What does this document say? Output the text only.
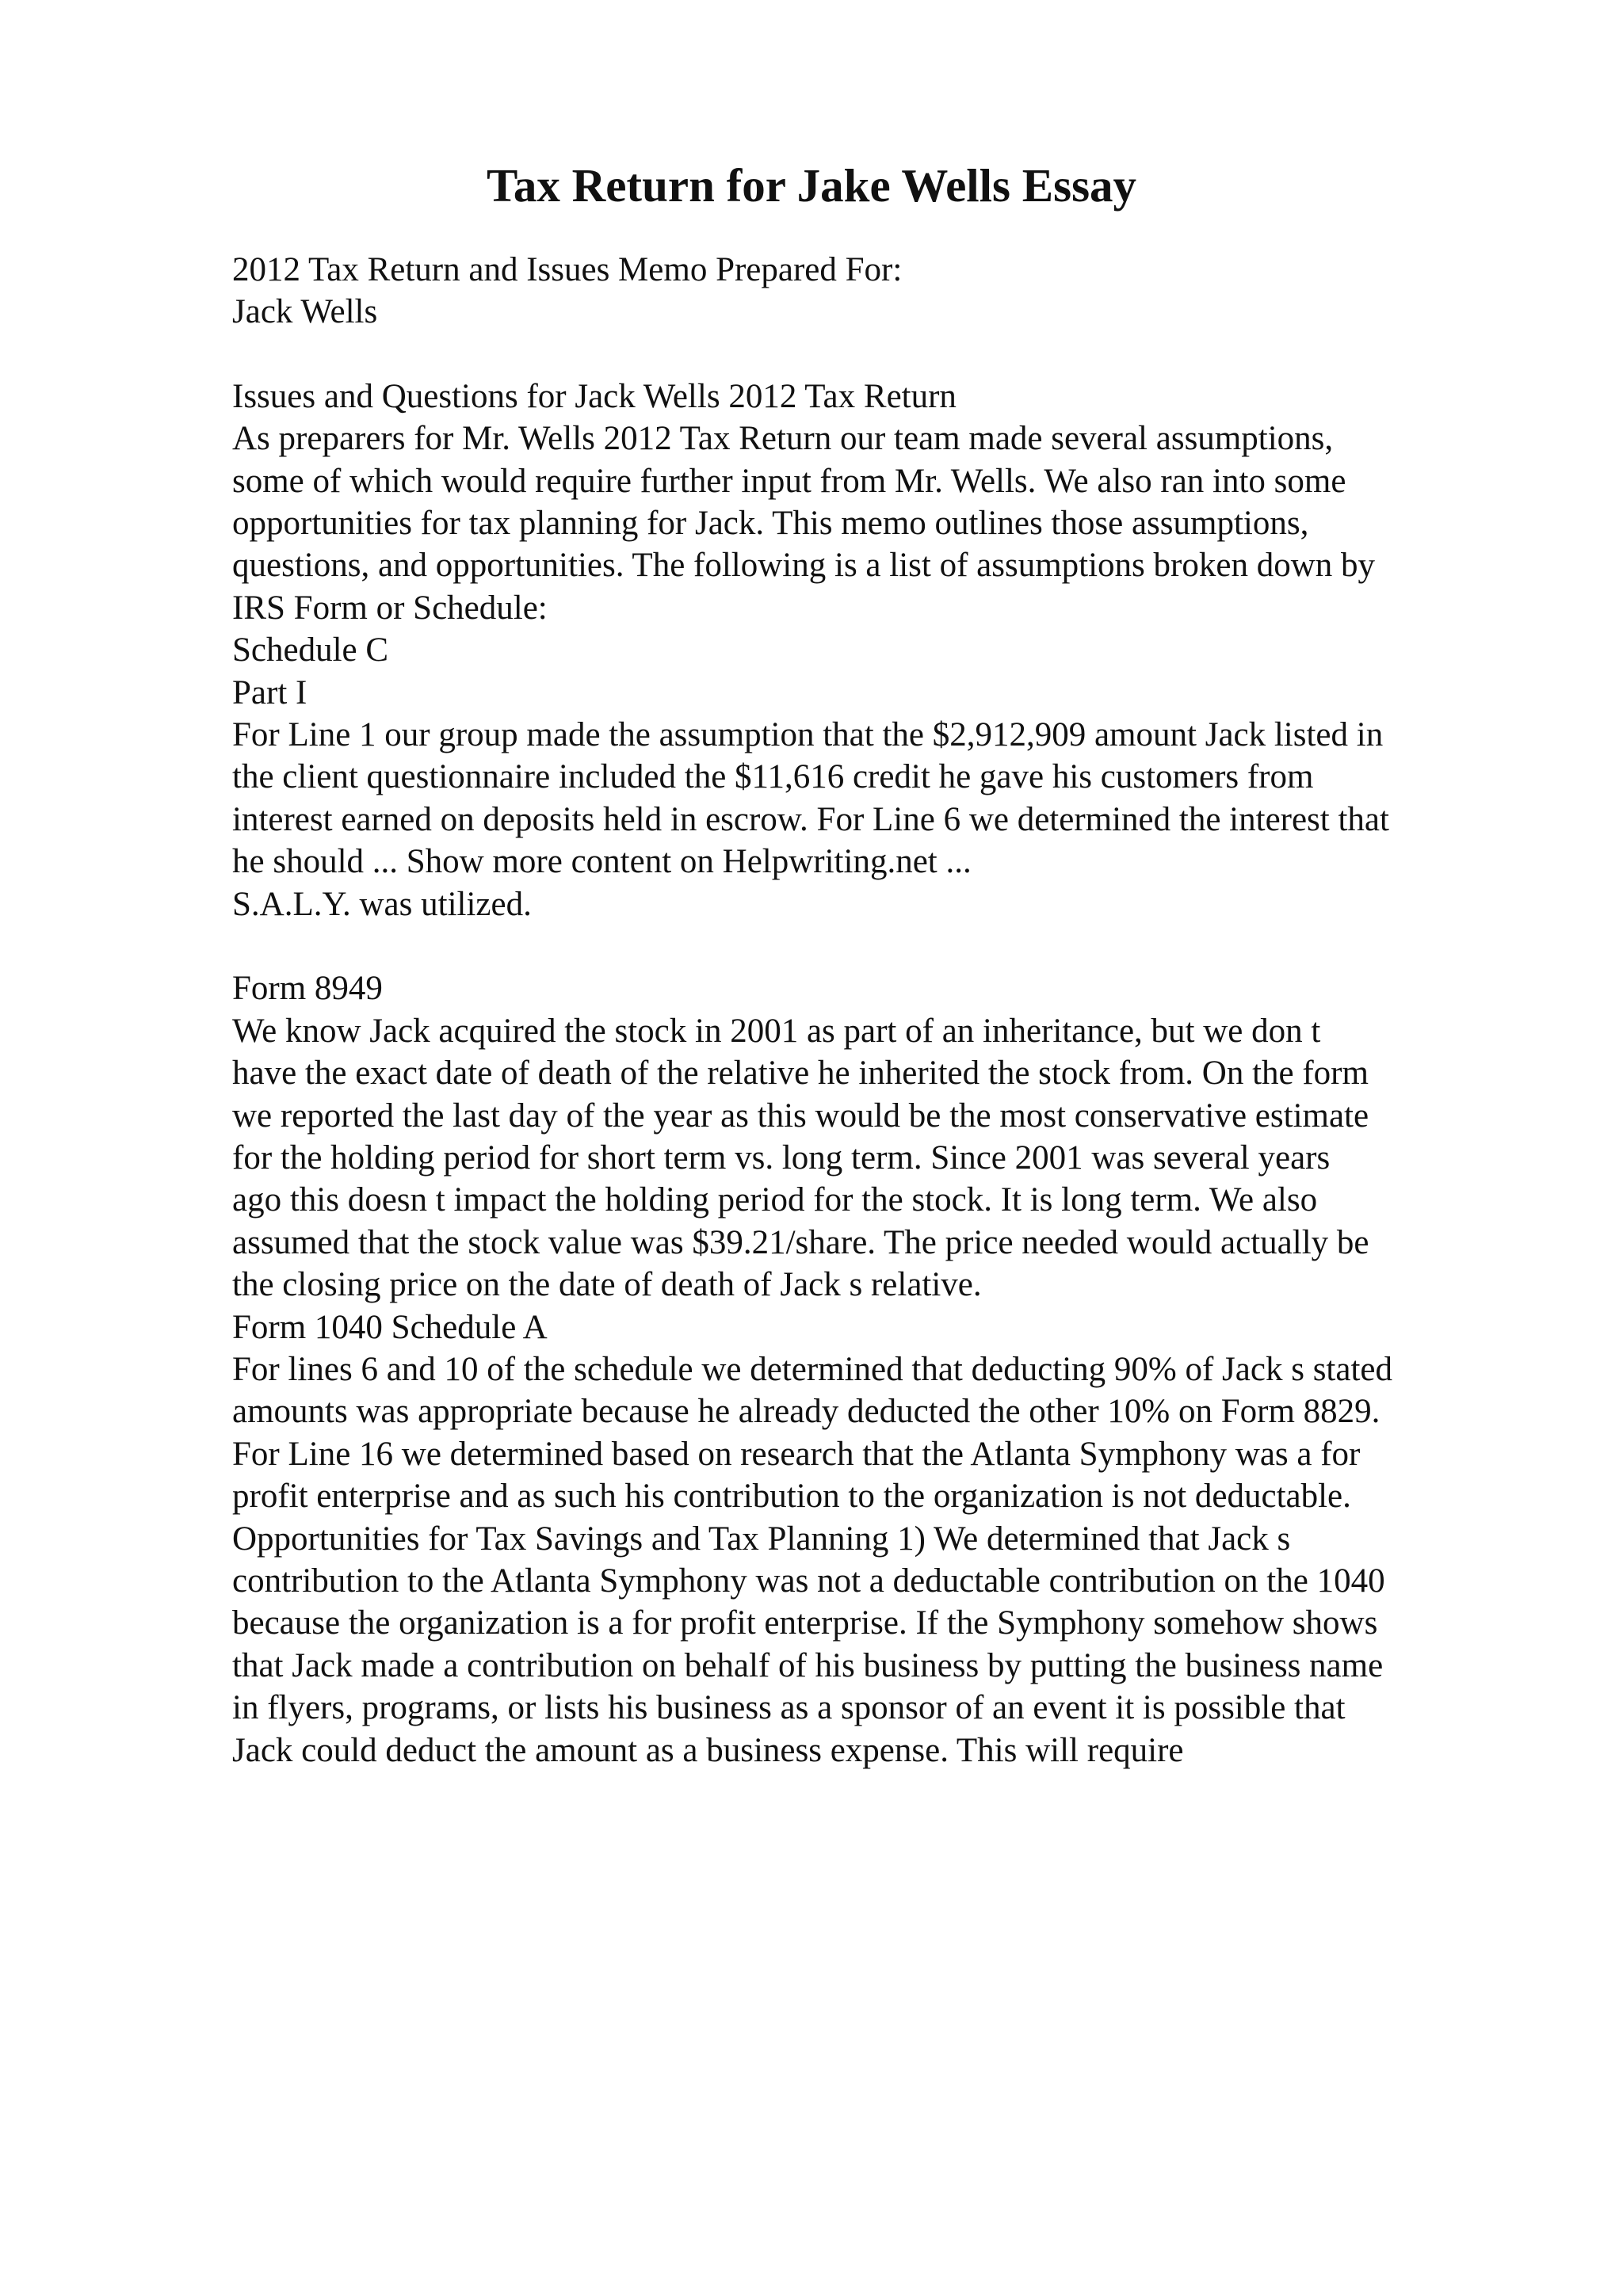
Tax Return for Jake Wells Essay

2012 Tax Return and Issues Memo Prepared For:

Jack Wells

Issues and Questions for Jack Wells 2012 Tax Return

As preparers for Mr. Wells 2012 Tax Return our team made several assumptions,

some of which would require further input from Mr. Wells. We also ran into some

opportunities for tax planning for Jack. This memo outlines those assumptions,

questions, and opportunities. The following is a list of assumptions broken down by

IRS Form or Schedule:

Schedule C

Part I

For Line 1 our group made the assumption that the $2,912,909 amount Jack listed in

the client questionnaire included the $11,616 credit he gave his customers from

interest earned on deposits held in escrow. For Line 6 we determined the interest that

he should ... Show more content on Helpwriting.net ...

S.A.L.Y. was utilized.

Form 8949

We know Jack acquired the stock in 2001 as part of an inheritance, but we don t

have the exact date of death of the relative he inherited the stock from. On the form

we reported the last day of the year as this would be the most conservative estimate

for the holding period for short term vs. long term. Since 2001 was several years

ago this doesn t impact the holding period for the stock. It is long term. We also

assumed that the stock value was $39.21/share. The price needed would actually be

the closing price on the date of death of Jack s relative.

Form 1040 Schedule A

For lines 6 and 10 of the schedule we determined that deducting 90% of Jack s stated

amounts was appropriate because he already deducted the other 10% on Form 8829.

For Line 16 we determined based on research that the Atlanta Symphony was a for

profit enterprise and as such his contribution to the organization is not deductable.

Opportunities for Tax Savings and Tax Planning 1) We determined that Jack s

contribution to the Atlanta Symphony was not a deductable contribution on the 1040

because the organization is a for profit enterprise. If the Symphony somehow shows

that Jack made a contribution on behalf of his business by putting the business name

in flyers, programs, or lists his business as a sponsor of an event it is possible that

Jack could deduct the amount as a business expense. This will require
